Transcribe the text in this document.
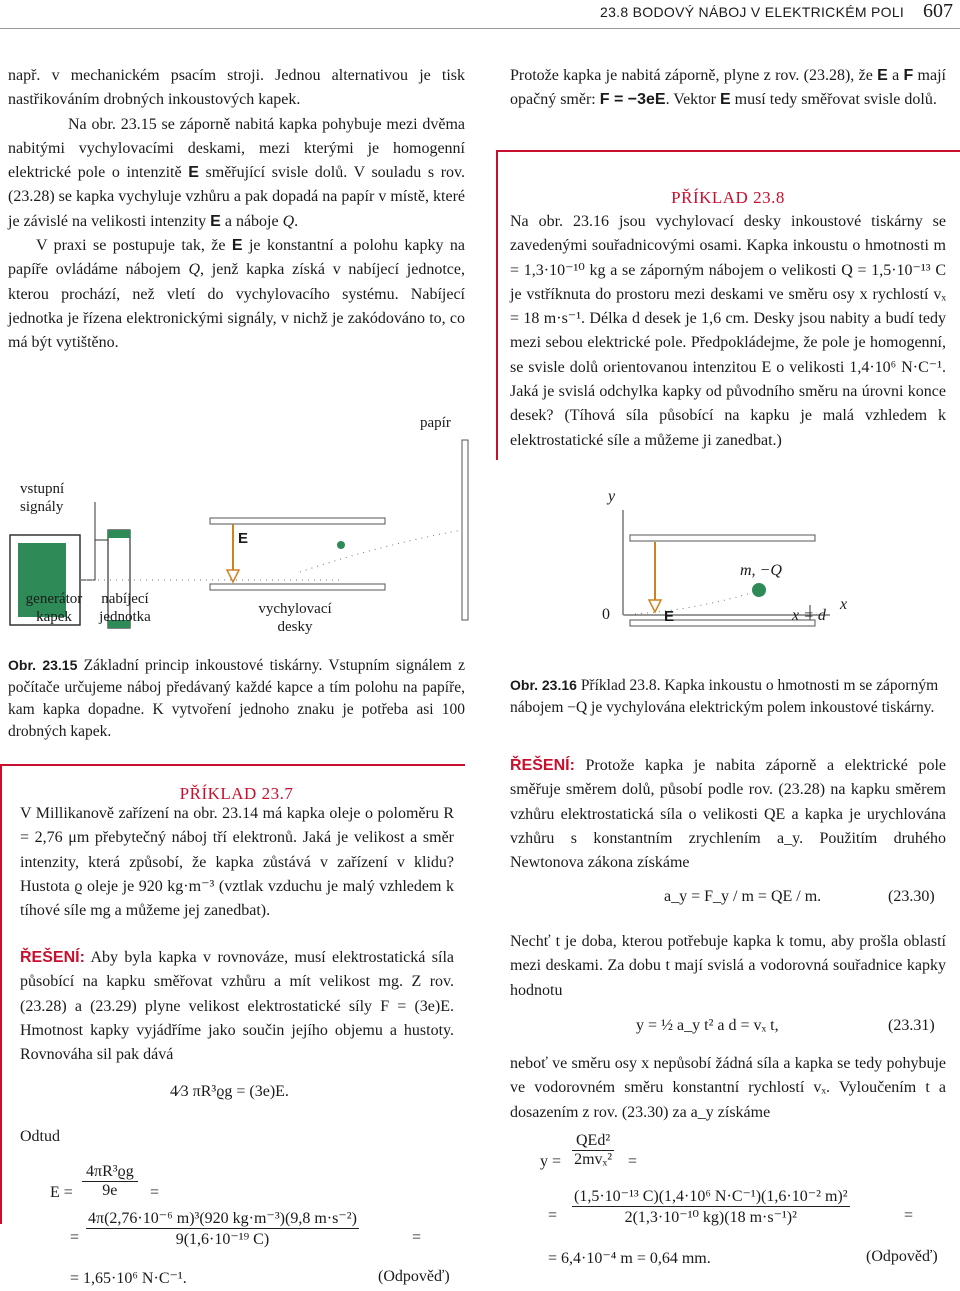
23.8 BODOVÝ NÁBOJ V ELEKTRICKÉM POLI 607
např. v mechanickém psacím stroji. Jednou alternativou je tisk nastřikováním drobných inkoustových kapek.
Na obr. 23.15 se záporně nabitá kapka pohybuje mezi dvěma nabitými vychylovacími deskami, mezi kterými je homogenní elektrické pole o intenzitě E směřující svisle dolů. V souladu s rov. (23.28) se kapka vychyluje vzhůru a pak dopadá na papír v místě, které je závislé na velikosti intenzity E a náboje Q.
V praxi se postupuje tak, že E je konstantní a polohu kapky na papíře ovládáme nábojem Q, jenž kapka získá v nabíjecí jednotce, kterou prochází, než vletí do vychylovacího systému. Nabíjecí jednotka je řízena elektronickými signály, v nichž je zakódováno to, co má být vytištěno.
Protože kapka je nabitá záporně, plyne z rov. (23.28), že E a F mají opačný směr: F = −3eE. Vektor E musí tedy směřovat svisle dolů.
PŘÍKLAD 23.8
Na obr. 23.16 jsou vychylovací desky inkoustové tiskárny se zavedenými souřadnicovými osami. Kapka inkoustu o hmotnosti m = 1,3·10⁻¹⁰ kg a se záporným nábojem o velikosti Q = 1,5·10⁻¹³ C je vstříknuta do prostoru mezi deskami ve směru osy x rychlostí vₓ = 18 m·s⁻¹. Délka d desek je 1,6 cm. Desky jsou nabity a budí tedy mezi sebou elektrické pole. Předpokládejme, že pole je homogenní, se svisle dolů orientovanou intenzitou E o velikosti 1,4·10⁶ N·C⁻¹. Jaká je svislá odchylka kapky od původního směru na úrovni konce desek? (Tíhová síla působící na kapku je malá vzhledem k elektrostatické síle a můžeme ji zanedbat.)
papír
vstupní signály
generátor kapek
nabíjecí jednotka	vychylovací desky
E
Obr. 23.15 Základní princip inkoustové tiskárny. Vstupním signálem z počítače určujeme náboj předávaný každé kapce a tím polohu na papíře, kam kapka dopadne. K vytvoření jednoho znaku je potřeba asi 100 drobných kapek.
y
m, −Q
0	E	x = d
x
Obr. 23.16 Příklad 23.8. Kapka inkoustu o hmotnosti m se záporným nábojem −Q je vychylována elektrickým polem inkoustové tiskárny.
PŘÍKLAD 23.7
V Millikanově zařízení na obr. 23.14 má kapka oleje o poloměru R = 2,76 μm přebytečný náboj tří elektronů. Jaká je velikost a směr intenzity, která způsobí, že kapka zůstává v zařízení v klidu? Hustota ϱ oleje je 920 kg·m⁻³ (vztlak vzduchu je malý vzhledem k tíhové síle mg a můžeme jej zanedbat).
ŘEŠENÍ: Aby byla kapka v rovnováze, musí elektrostatická síla působící na kapku směřovat vzhůru a mít velikost mg. Z rov. (23.28) a (23.29) plyne velikost elektrostatické síly F = (3e)E. Hmotnost kapky vyjádříme jako součin jejího objemu a hustoty. Rovnováha sil pak dává
4⁄3 πR³ϱg = (3e)E.
Odtud
E =
4πR³ϱg
9e	=
=
4π(2,76·10⁻⁶ m)³(920 kg·m⁻³)(9,8 m·s⁻²)
9(1,6·10⁻¹⁹ C)	=
= 1,65·10⁶ N·C⁻¹.	(Odpověď)
ŘEŠENÍ: Protože kapka je nabita záporně a elektrické pole směřuje směrem dolů, působí podle rov. (23.28) na kapku směrem vzhůru elektrostatická síla o velikosti QE a kapka je urychlována vzhůru s konstantním zrychlením a_y. Použitím druhého Newtonova zákona získáme
a_y = F_y / m = QE / m.	(23.30)
Nechť t je doba, kterou potřebuje kapka k tomu, aby prošla oblastí mezi deskami. Za dobu t mají svislá a vodorovná souřadnice kapky hodnotu
y = ½ a_y t² a d = vₓ t,	(23.31)
neboť ve směru osy x nepůsobí žádná síla a kapka se tedy pohybuje ve vodorovném směru konstantní rychlostí vₓ. Vyloučením t a dosazením z rov. (23.30) za a_y získáme
y =
QEd²
2mvₓ² =
=
(1,5·10⁻¹³ C)(1,4·10⁶ N·C⁻¹)(1,6·10⁻² m)²
2(1,3·10⁻¹⁰ kg)(18 m·s⁻¹)²	=
= 6,4·10⁻⁴ m = 0,64 mm.	(Odpověď)
